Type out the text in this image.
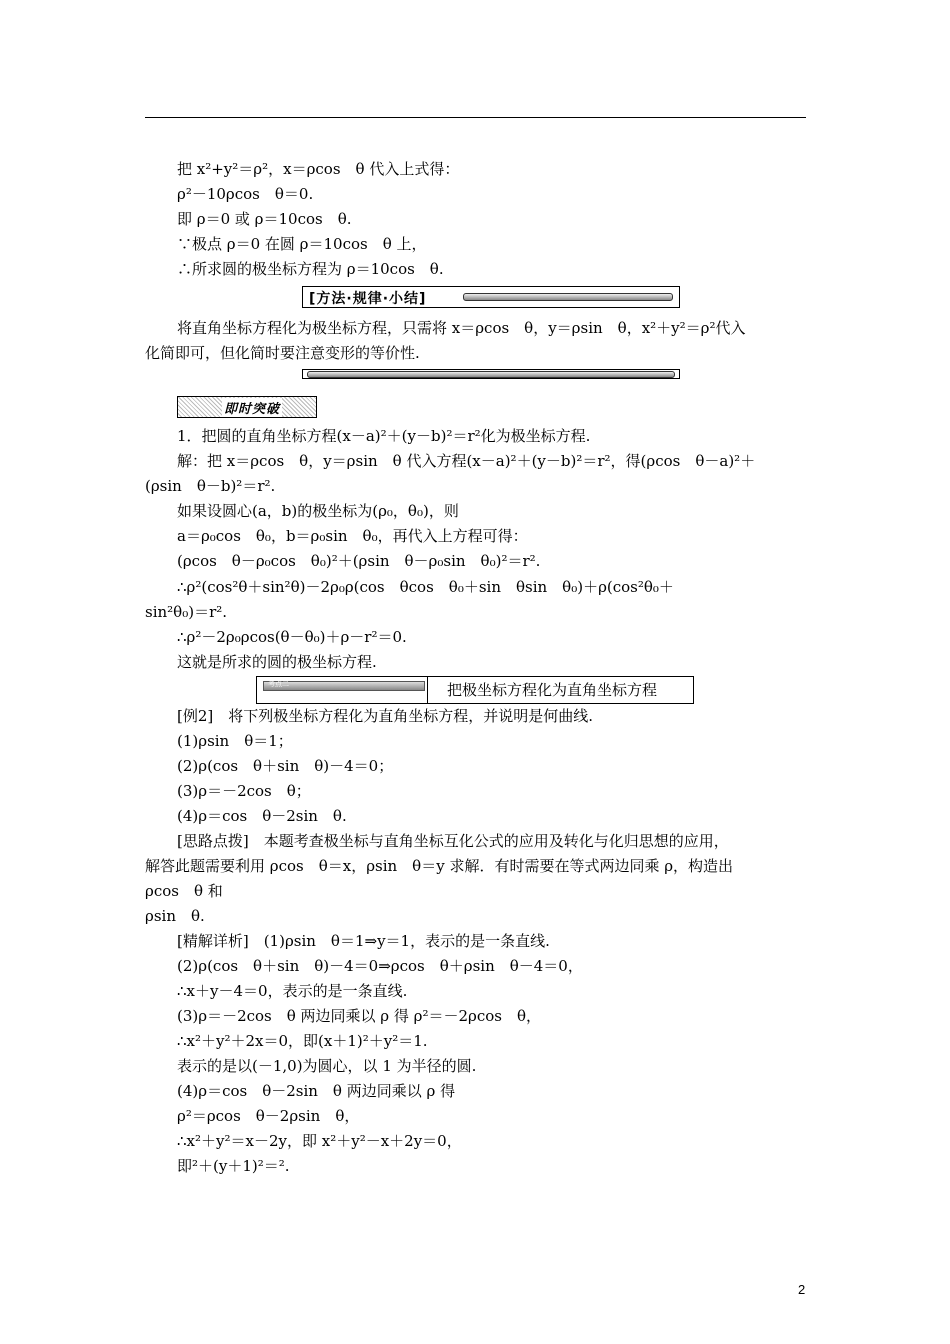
把 x²+y²＝ρ²，x＝ρcos　θ 代入上式得：
ρ²－10ρcos　θ＝0.
即 ρ＝0 或 ρ＝10cos　θ.
∵极点 ρ＝0 在圆 ρ＝10cos　θ 上，
∴所求圆的极坐标方程为 ρ＝10cos　θ.
[方法·规律·小结]
将直角坐标方程化为极坐标方程，只需将 x＝ρcos　θ，y＝ρsin　θ，x²＋y²＝ρ²代入
化简即可，但化简时要注意变形的等价性.
即时突破
1．把圆的直角坐标方程(x－a)²＋(y－b)²＝r²化为极坐标方程.
解：把 x＝ρcos　θ，y＝ρsin　θ 代入方程(x－a)²＋(y－b)²＝r²，得(ρcos　θ－a)²＋
(ρsin　θ－b)²＝r².
如果设圆心(a，b)的极坐标为(ρ₀，θ₀)，则
a＝ρ₀cos　θ₀，b＝ρ₀sin　θ₀，再代入上方程可得：
(ρcos　θ－ρ₀cos　θ₀)²＋(ρsin　θ－ρ₀sin　θ₀)²＝r².
∴ρ²(cos²θ＋sin²θ)－2ρ₀ρ(cos　θcos　θ₀＋sin　θsin　θ₀)＋ρ(cos²θ₀＋
sin²θ₀)＝r².
∴ρ²－2ρ₀ρcos(θ－θ₀)＋ρ－r²＝0.
这就是所求的圆的极坐标方程.
考点二	把极坐标方程化为直角坐标方程
[例2]　将下列极坐标方程化为直角坐标方程，并说明是何曲线.
(1)ρsin　θ＝1；
(2)ρ(cos　θ＋sin　θ)－4＝0；
(3)ρ＝－2cos　θ；
(4)ρ＝cos　θ－2sin　θ.
[思路点拨]　本题考查极坐标与直角坐标互化公式的应用及转化与化归思想的应用，
解答此题需要利用 ρcos　θ＝x，ρsin　θ＝y 求解．有时需要在等式两边同乘 ρ，构造出
ρcos　θ 和
ρsin　θ.
[精解详析]　(1)ρsin　θ＝1⇒y＝1，表示的是一条直线.
(2)ρ(cos　θ＋sin　θ)－4＝0⇒ρcos　θ＋ρsin　θ－4＝0，
∴x＋y－4＝0，表示的是一条直线.
(3)ρ＝－2cos　θ 两边同乘以 ρ 得 ρ²＝－2ρcos　θ，
∴x²＋y²＋2x＝0，即(x＋1)²＋y²＝1.
表示的是以(－1,0)为圆心，以 1 为半径的圆.
(4)ρ＝cos　θ－2sin　θ 两边同乘以 ρ 得
ρ²＝ρcos　θ－2ρsin　θ，
∴x²＋y²＝x－2y，即 x²＋y²－x＋2y＝0，
即²＋(y＋1)²＝².
2
